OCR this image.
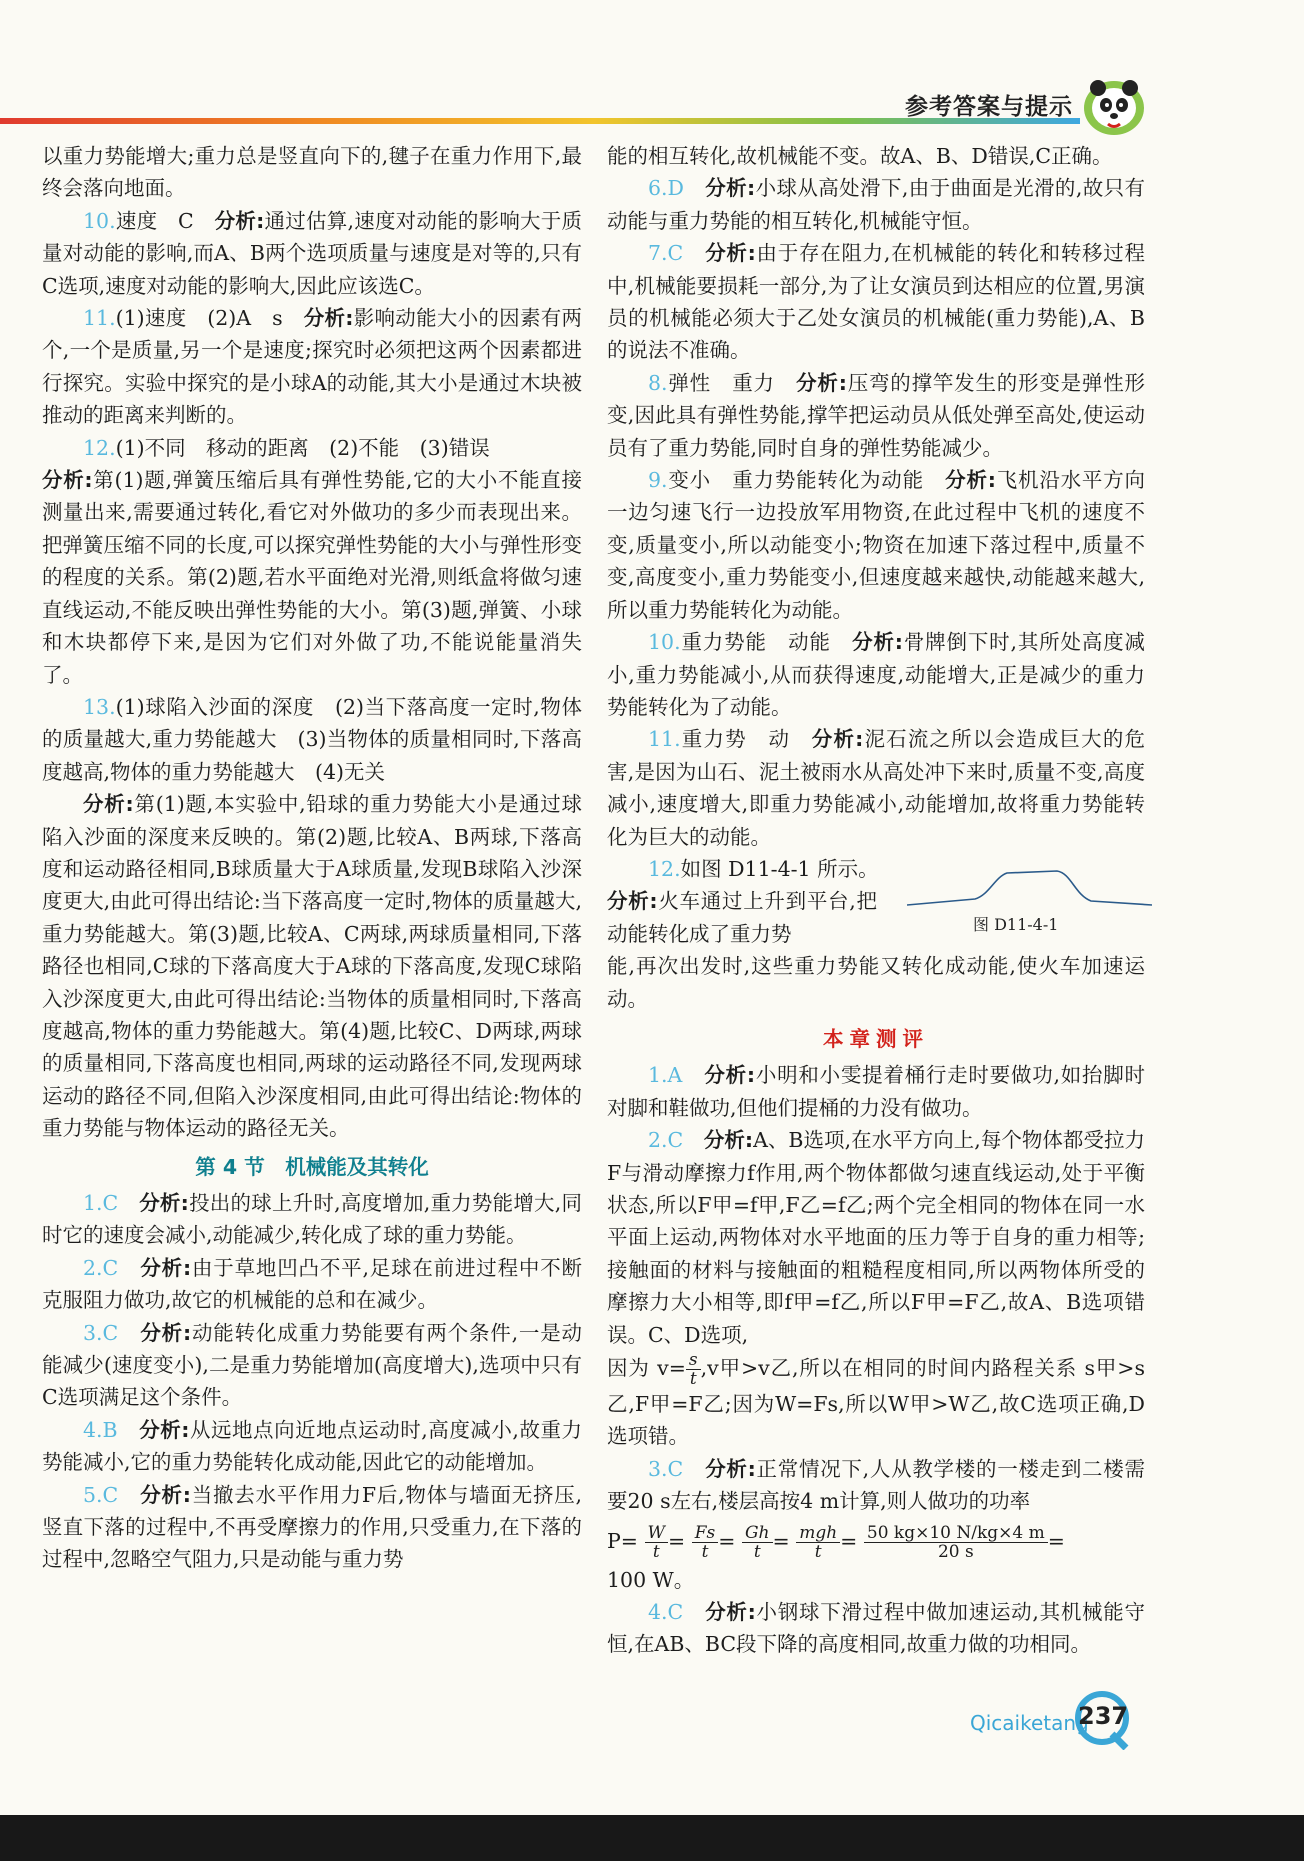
参考答案与提示

以重力势能增大;重力总是竖直向下的,毽子在重力作用下,最终会落向地面。

10.速度　C　分析:通过估算,速度对动能的影响大于质量对动能的影响,而A、B两个选项质量与速度是对等的,只有C选项,速度对动能的影响大,因此应该选C。

11.(1)速度　(2)A　s　分析:影响动能大小的因素有两个,一个是质量,另一个是速度;探究时必须把这两个因素都进行探究。实验中探究的是小球A的动能,其大小是通过木块被推动的距离来判断的。

12.(1)不同　移动的距离　(2)不能　(3)错误

分析:第(1)题,弹簧压缩后具有弹性势能,它的大小不能直接测量出来,需要通过转化,看它对外做功的多少而表现出来。把弹簧压缩不同的长度,可以探究弹性势能的大小与弹性形变的程度的关系。第(2)题,若水平面绝对光滑,则纸盒将做匀速直线运动,不能反映出弹性势能的大小。第(3)题,弹簧、小球和木块都停下来,是因为它们对外做了功,不能说能量消失了。

13.(1)球陷入沙面的深度　(2)当下落高度一定时,物体的质量越大,重力势能越大　(3)当物体的质量相同时,下落高度越高,物体的重力势能越大　(4)无关

分析:第(1)题,本实验中,铅球的重力势能大小是通过球陷入沙面的深度来反映的。第(2)题,比较A、B两球,下落高度和运动路径相同,B球质量大于A球质量,发现B球陷入沙深度更大,由此可得出结论:当下落高度一定时,物体的质量越大,重力势能越大。第(3)题,比较A、C两球,两球质量相同,下落路径也相同,C球的下落高度大于A球的下落高度,发现C球陷入沙深度更大,由此可得出结论:当物体的质量相同时,下落高度越高,物体的重力势能越大。第(4)题,比较C、D两球,两球的质量相同,下落高度也相同,两球的运动路径不同,发现两球运动的路径不同,但陷入沙深度相同,由此可得出结论:物体的重力势能与物体运动的路径无关。

第 4 节　机械能及其转化

1.C　 分析:投出的球上升时,高度增加,重力势能增大,同时它的速度会减小,动能减少,转化成了球的重力势能。

2.C　 分析:由于草地凹凸不平,足球在前进过程中不断克服阻力做功,故它的机械能的总和在减少。

3.C　 分析:动能转化成重力势能要有两个条件,一是动能减少(速度变小),二是重力势能增加(高度增大),选项中只有C选项满足这个条件。

4.B　 分析:从远地点向近地点运动时,高度减小,故重力势能减小,它的重力势能转化成动能,因此它的动能增加。

5.C　 分析:当撤去水平作用力F后,物体与墙面无挤压,竖直下落的过程中,不再受摩擦力的作用,只受重力,在下落的过程中,忽略空气阻力,只是动能与重力势

能的相互转化,故机械能不变。故A、B、D错误,C正确。

6.D　 分析:小球从高处滑下,由于曲面是光滑的,故只有动能与重力势能的相互转化,机械能守恒。

7.C　 分析:由于存在阻力,在机械能的转化和转移过程中,机械能要损耗一部分,为了让女演员到达相应的位置,男演员的机械能必须大于乙处女演员的机械能(重力势能),A、B的说法不准确。

8.弹性　重力　分析:压弯的撑竿发生的形变是弹性形变,因此具有弹性势能,撑竿把运动员从低处弹至高处,使运动员有了重力势能,同时自身的弹性势能减少。

9.变小　重力势能转化为动能　分析:飞机沿水平方向一边匀速飞行一边投放军用物资,在此过程中飞机的速度不变,质量变小,所以动能变小;物资在加速下落过程中,质量不变,高度变小,重力势能变小,但速度越来越快,动能越来越大,所以重力势能转化为动能。

10.重力势能　动能　分析:骨牌倒下时,其所处高度减小,重力势能减小,从而获得速度,动能增大,正是减少的重力势能转化为了动能。

11.重力势　动　分析:泥石流之所以会造成巨大的危害,是因为山石、泥土被雨水从高处冲下来时,质量不变,高度减小,速度增大,即重力势能减小,动能增加,故将重力势能转化为巨大的动能。

12.如图 D11-4-1 所示。

分析:火车通过上升到平台,把动能转化成了重力势	图 D11-4-1

能,再次出发时,这些重力势能又转化成动能,使火车加速运动。

本章测评

1.A　 分析:小明和小雯提着桶行走时要做功,如抬脚时对脚和鞋做功,但他们提桶的力没有做功。

2.C　 分析:A、B选项,在水平方向上,每个物体都受拉力F与滑动摩擦力f作用,两个物体都做匀速直线运动,处于平衡状态,所以F甲=f甲,F乙=f乙;两个完全相同的物体在同一水平面上运动,两物体对水平地面的压力等于自身的重力相等;接触面的材料与接触面的粗糙程度相同,所以两物体所受的摩擦力大小相等,即f甲=f乙,所以F甲=F乙,故A、B选项错误。C、D选项,

因为 $v= \frac{s}{t} ,v$甲>v乙,所以在相同的时间内路程关系 s甲>s乙,F甲=F乙;因为W=Fs,所以W甲>W乙,故C选项正确,D选项错。

3.C　 分析:正常情况下,人从教学楼的一楼走到二楼需要20 s左右,楼层高按4 m计算,则人做功的功率

$P= \frac{W}{t} = \frac{Fs}{t} = \frac{Gh}{t} = \frac{\text{mgh}}{t} = \frac{50 kg\times 10 N/kg\times 4 m}{20 s}$ =

100 W。

4.C　 分析:小钢球下滑过程中做加速运动,其机械能守恒,在AB、BC段下降的高度相同,故重力做的功相同。

Qicaiketang
237
